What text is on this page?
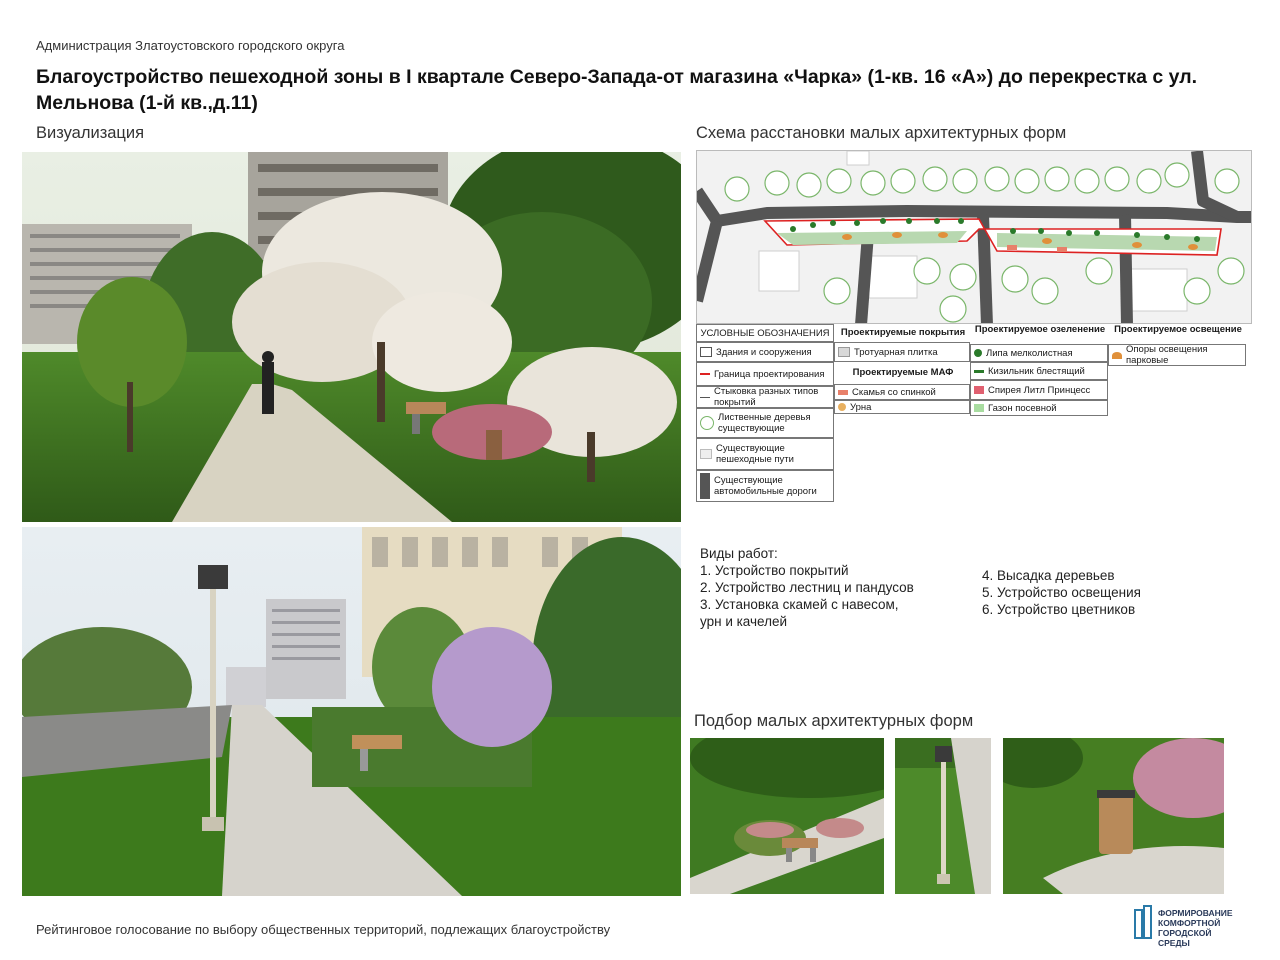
Администрация Златоустовского городского округа
Благоустройство пешеходной зоны в I квартале Северо-Запада-от магазина «Чарка» (1-кв. 16 «А») до перекрестка с ул. Мельнова (1-й кв.,д.11)
Визуализация	Схема расстановки малых архитектурных форм
УСЛОВНЫЕ ОБОЗНАЧЕНИЯ
Здания и сооружения
Граница проектирования
Стыковка разных типов покрытий
Лиственные деревья существующие
Существующие пешеходные пути
Существующие автомобильные дороги
Проектируемые покрытия
Тротуарная плитка
Проектируемые МАФ
Скамья со спинкой
Урна
Проектируемое озеленение
Липа мелколистная
Кизильник блестящий
Спирея Литл Принцесс
Газон посевной
Проектируемое освещение
Опоры освещения парковые
Виды работ:
1. Устройство покрытий
2. Устройство лестниц и пандусов
3. Установка скамей с навесом,
урн и качелей
4. Высадка деревьев
5. Устройство освещения
6. Устройство цветников
Подбор малых архитектурных форм
Рейтинговое голосование по выбору общественных территорий, подлежащих благоустройству
ФОРМИРОВАНИЕ
КОМФОРТНОЙ
ГОРОДСКОЙ СРЕДЫ
